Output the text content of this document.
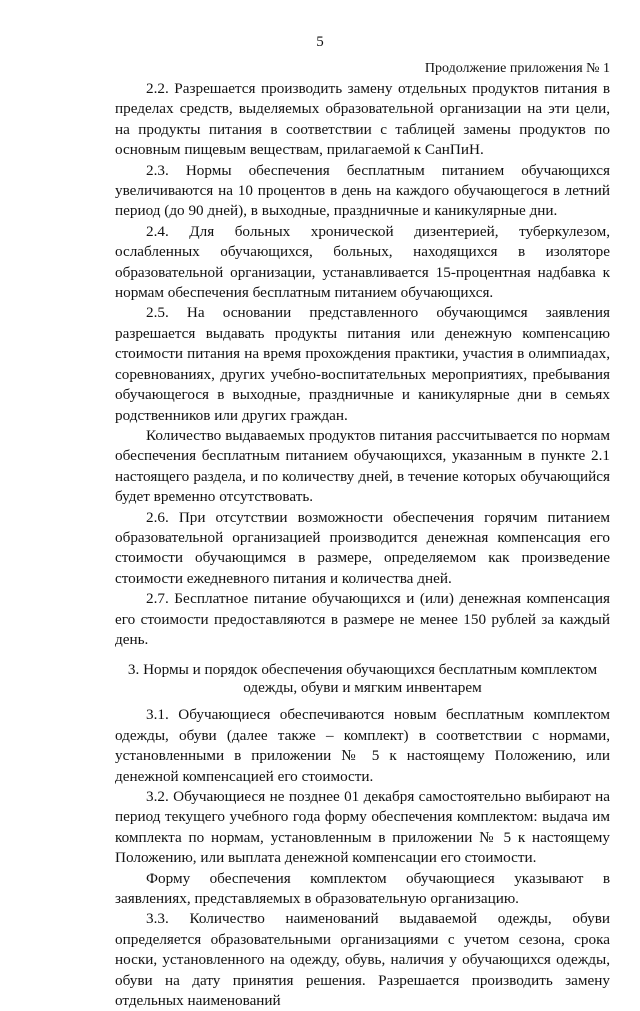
5
Продолжение приложения № 1

2.2. Разрешается производить замену отдельных продуктов питания в пределах средств, выделяемых образовательной организации на эти цели, на продукты питания в соответствии с таблицей замены продуктов по основным пищевым веществам, прилагаемой к СанПиН.

2.3. Нормы обеспечения бесплатным питанием обучающихся увеличиваются на 10 процентов в день на каждого обучающегося в летний период (до 90 дней), в выходные, праздничные и каникулярные дни.

2.4. Для больных хронической дизентерией, туберкулезом, ослабленных обучающихся, больных, находящихся в изоляторе образовательной организации, устанавливается 15-процентная надбавка к нормам обеспечения бесплатным питанием обучающихся.

2.5. На основании представленного обучающимся заявления разрешается выдавать продукты питания или денежную компенсацию стоимости питания на время прохождения практики, участия в олимпиадах, соревнованиях, других учебно-воспитательных мероприятиях, пребывания обучающегося в выходные, праздничные и каникулярные дни в семьях родственников или других граждан.

Количество выдаваемых продуктов питания рассчитывается по нормам обеспечения бесплатным питанием обучающихся, указанным в пункте 2.1 настоящего раздела, и по количеству дней, в течение которых обучающийся будет временно отсутствовать.

2.6. При отсутствии возможности обеспечения горячим питанием образовательной организацией производится денежная компенсация его стоимости обучающимся в размере, определяемом как произведение стоимости ежедневного питания и количества дней.

2.7. Бесплатное питание обучающихся и (или) денежная компенсация его стоимости предоставляются в размере не менее 150 рублей за каждый день.

3. Нормы и порядок обеспечения обучающихся бесплатным комплектом
одежды, обуви и мягким инвентарем

3.1. Обучающиеся обеспечиваются новым бесплатным комплектом одежды, обуви (далее также – комплект) в соответствии с нормами, установленными в приложении № 5 к настоящему Положению, или денежной компенсацией его стоимости.

3.2. Обучающиеся не позднее 01 декабря самостоятельно выбирают на период текущего учебного года форму обеспечения комплектом: выдача им комплекта по нормам, установленным в приложении № 5 к настоящему Положению, или выплата денежной компенсации его стоимости.

Форму обеспечения комплектом обучающиеся указывают в заявлениях, представляемых в образовательную организацию.

3.3. Количество наименований выдаваемой одежды, обуви определяется образовательными организациями с учетом сезона, срока носки, установленного на одежду, обувь, наличия у обучающихся одежды, обуви на дату принятия решения. Разрешается производить замену отдельных наименований
